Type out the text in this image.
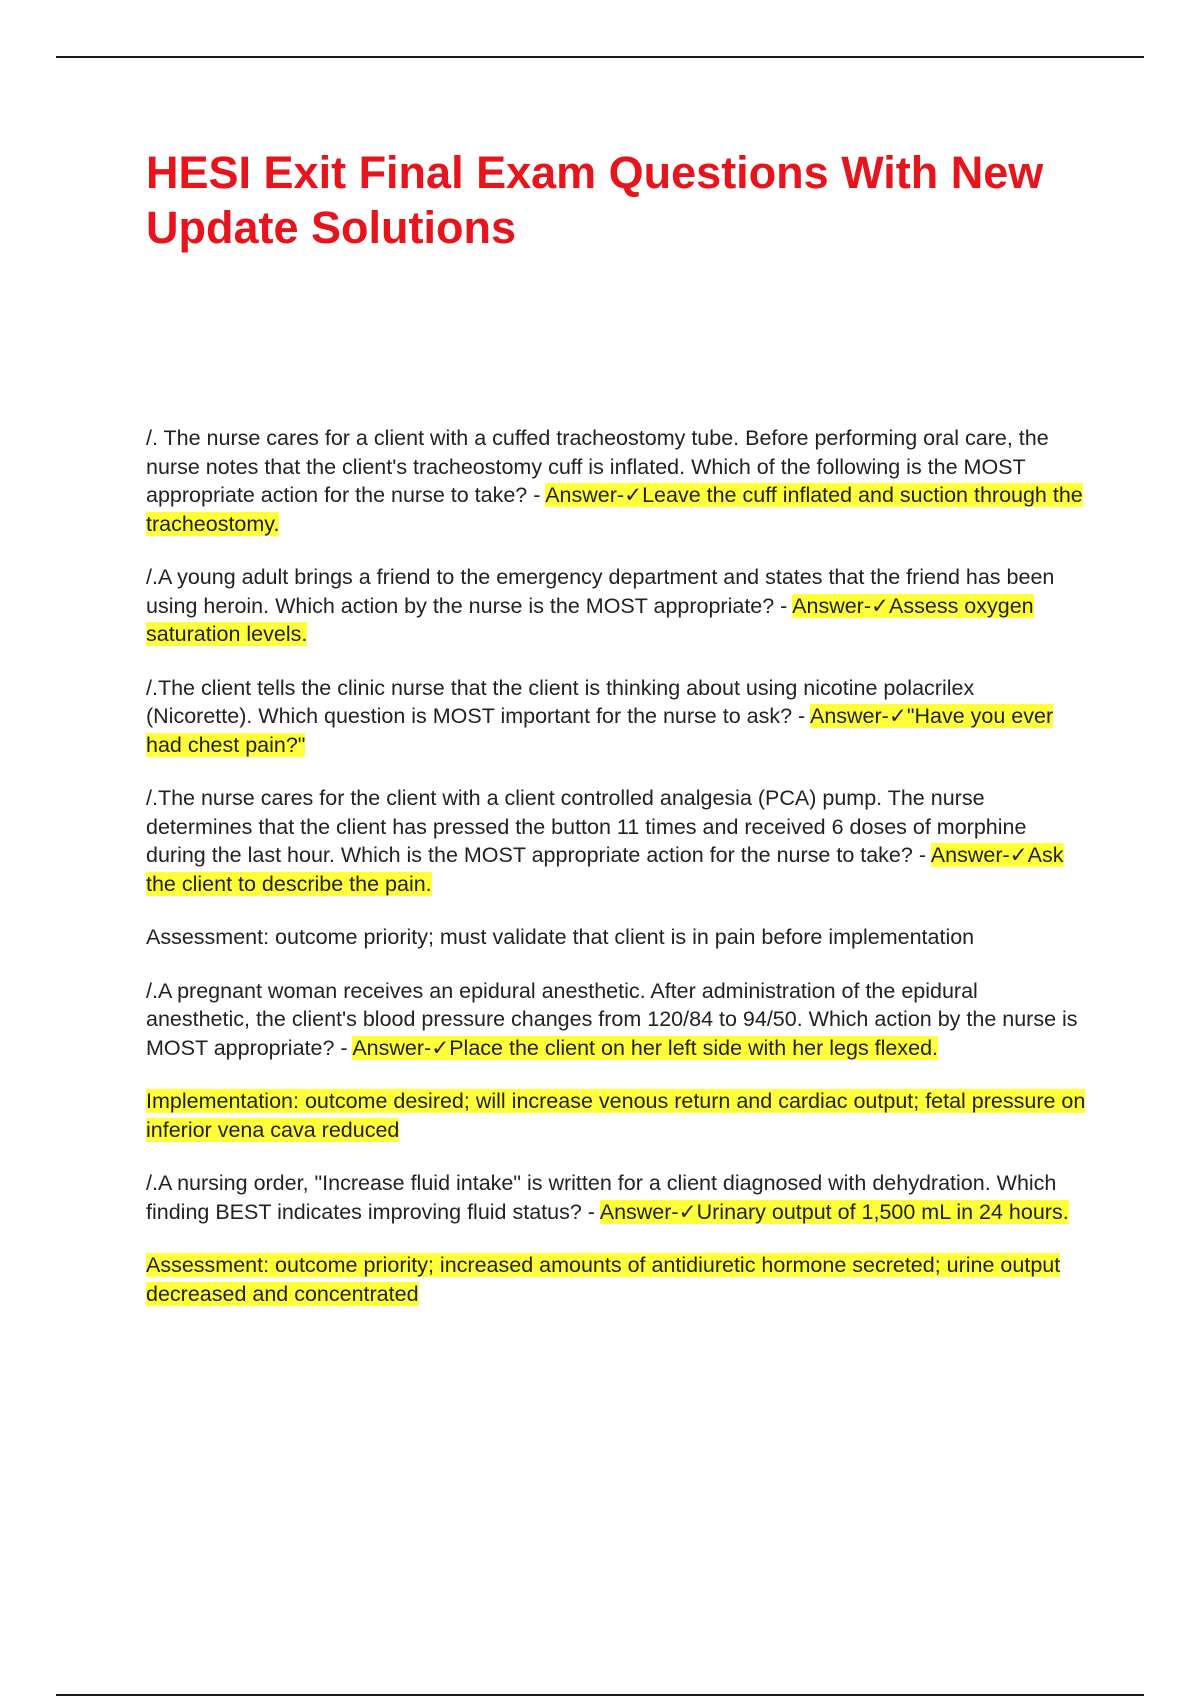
HESI Exit Final Exam Questions With New Update Solutions

/. The nurse cares for a client with a cuffed tracheostomy tube. Before performing oral care, the nurse notes that the client's tracheostomy cuff is inflated. Which of the following is the MOST appropriate action for the nurse to take? - Answer-✓Leave the cuff inflated and suction through the tracheostomy.

/.A young adult brings a friend to the emergency department and states that the friend has been using heroin. Which action by the nurse is the MOST appropriate? - Answer-✓Assess oxygen saturation levels.

/.The client tells the clinic nurse that the client is thinking about using nicotine polacrilex (Nicorette). Which question is MOST important for the nurse to ask? - Answer-✓"Have you ever had chest pain?"

/.The nurse cares for the client with a client controlled analgesia (PCA) pump. The nurse determines that the client has pressed the button 11 times and received 6 doses of morphine during the last hour. Which is the MOST appropriate action for the nurse to take? - Answer-✓Ask the client to describe the pain.

Assessment: outcome priority; must validate that client is in pain before implementation

/.A pregnant woman receives an epidural anesthetic. After administration of the epidural anesthetic, the client's blood pressure changes from 120/84 to 94/50. Which action by the nurse is MOST appropriate? - Answer-✓Place the client on her left side with her legs flexed.

Implementation: outcome desired; will increase venous return and cardiac output; fetal pressure on inferior vena cava reduced

/.A nursing order, "Increase fluid intake" is written for a client diagnosed with dehydration. Which finding BEST indicates improving fluid status? - Answer-✓Urinary output of 1,500 mL in 24 hours.

Assessment: outcome priority; increased amounts of antidiuretic hormone secreted; urine output decreased and concentrated
